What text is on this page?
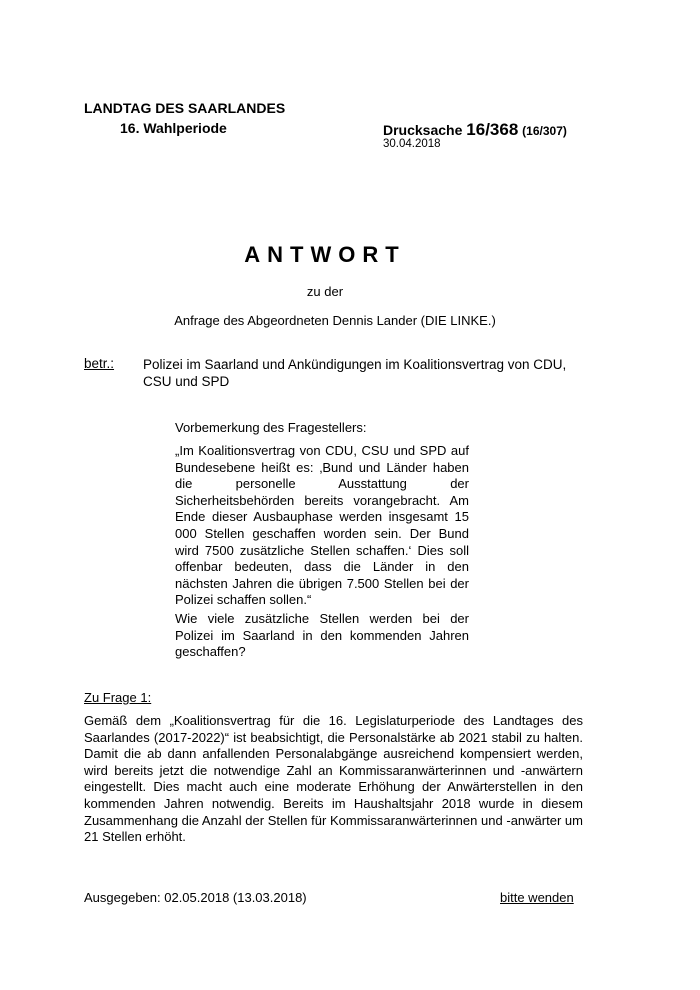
LANDTAG DES SAARLANDES
16. Wahlperiode	Drucksache 16/368 (16/307)
30.04.2018
ANTWORT
zu der
Anfrage des Abgeordneten Dennis Lander (DIE LINKE.)
betr.: Polizei im Saarland und Ankündigungen im Koalitionsvertrag von CDU, CSU und SPD
Vorbemerkung des Fragestellers:
„Im Koalitionsvertrag von CDU, CSU und SPD auf Bundesebene heißt es: ‚Bund und Länder haben die personelle Ausstattung der Sicherheitsbehörden bereits vorangebracht. Am Ende dieser Ausbauphase werden insgesamt 15 000 Stellen geschaffen worden sein. Der Bund wird 7500 zusätzliche Stellen schaffen.‘ Dies soll offenbar bedeuten, dass die Länder in den nächsten Jahren die übrigen 7.500 Stellen bei der Polizei schaffen sollen.“
Wie viele zusätzliche Stellen werden bei der Polizei im Saarland in den kommenden Jahren geschaffen?
Zu Frage 1:
Gemäß dem „Koalitionsvertrag für die 16. Legislaturperiode des Landtages des Saarlandes (2017-2022)“ ist beabsichtigt, die Personalstärke ab 2021 stabil zu halten. Damit die ab dann anfallenden Personalabgänge ausreichend kompensiert werden, wird bereits jetzt die notwendige Zahl an Kommissaranwärterinnen und -anwärtern eingestellt. Dies macht auch eine moderate Erhöhung der Anwärterstellen in den kommenden Jahren notwendig. Bereits im Haushaltsjahr 2018 wurde in diesem Zusammenhang die Anzahl der Stellen für Kommissaranwärterinnen und -anwärter um 21 Stellen erhöht.
Ausgegeben: 02.05.2018 (13.03.2018)	bitte wenden
